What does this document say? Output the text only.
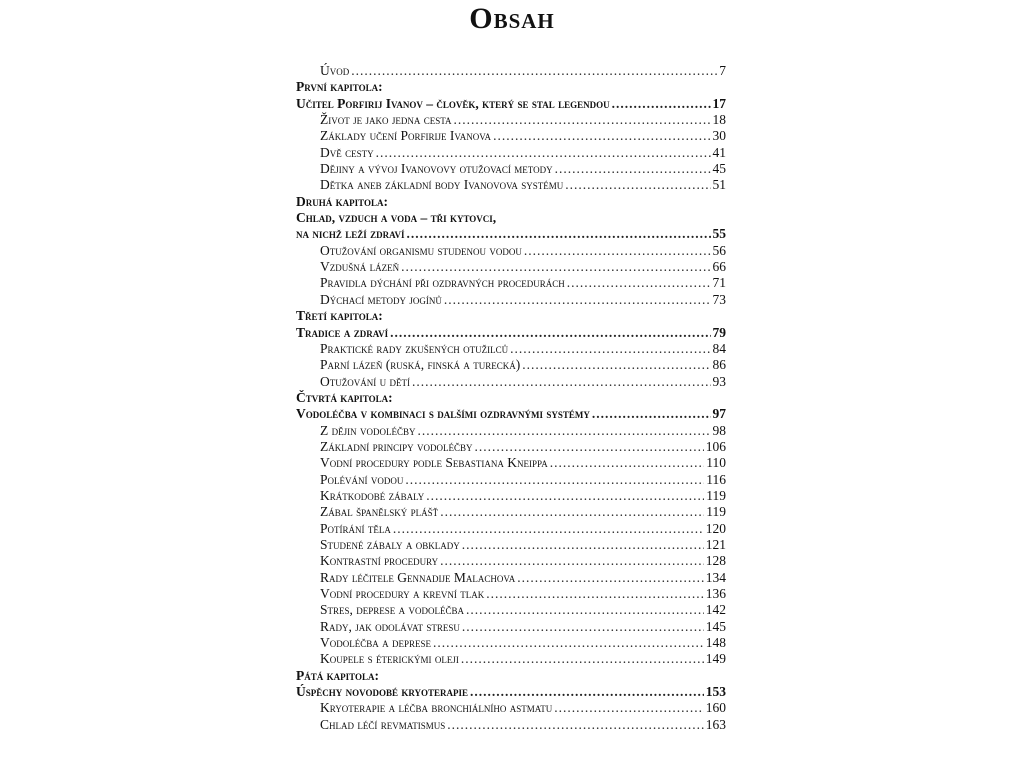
Obsah
Úvod .....	7
První kapitola:
Učitel Porfirij Ivanov – člověk, který se stal legendou .....	17
Život je jako jedna cesta .....	18
Základy učení Porfirije Ivanova .....	30
Dvě cesty .....	41
Dějiny a vývoj Ivanovovy otužovací metody .....	45
Dětka aneb základní body Ivanovova systému .....	51
Druhá kapitola:
Chlad, vzduch a voda – tři kytovci,
na nichž leží zdraví .....	55
Otužování organismu studenou vodou .....	56
Vzdušná lázeň .....	66
Pravidla dýchání při ozdravných procedurách .....	71
Dýchací metody jogínů .....	73
Třetí kapitola:
Tradice a zdraví .....	79
Praktické rady zkušených otužilců .....	84
Parní lázeň (ruská, finská a turecká) .....	86
Otužování u dětí .....	93
Čtvrtá kapitola:
Vodoléčba v kombinaci s dalšími ozdravnými systémy .....	97
Z dějin vodoléčby .....	98
Základní principy vodoléčby .....	106
Vodní procedury podle Sebastiana Kneippa .....	110
Polévání vodou .....	116
Krátkodobé zábaly .....	119
Zábal španělský plášť .....	119
Potírání těla .....	120
Studené zábaly a obklady .....	121
Kontrastní procedury .....	128
Rady léčitele Gennadije Malachova .....	134
Vodní procedury a krevní tlak .....	136
Stres, deprese a vodoléčba .....	142
Rady, jak odolávat stresu .....	145
Vodoléčba a deprese .....	148
Koupele s éterickými oleji .....	149
Pátá kapitola:
Úspěchy novodobé kryoterapie .....	153
Kryoterapie a léčba bronchiálního astmatu .....	160
Chlad léčí revmatismus .....	163
